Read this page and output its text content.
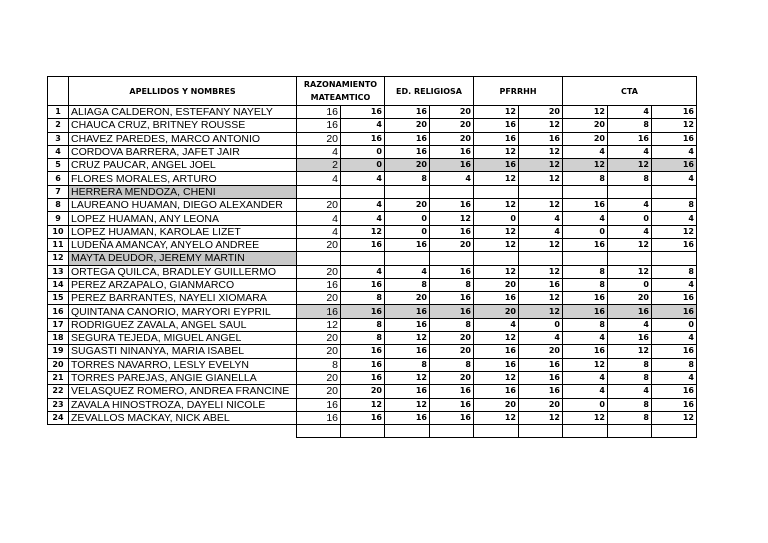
	APELLIDOS Y NOMBRES	RAZONAMIENTO MATEAMTICO		ED. RELIGIOSA		PFRRHH		CTA		
1	ALIAGA CALDERON, ESTEFANY NAYELY	16	16	16	20	12	20	12	4	16
2	CHAUCA CRUZ, BRITNEY ROUSSE	16	4	20	20	16	12	20	8	12
3	CHAVEZ PAREDES, MARCO ANTONIO	20	16	16	20	16	16	20	16	16
4	CORDOVA BARRERA, JAFET JAIR	4	0	16	16	12	12	4	4	4
5	CRUZ PAUCAR, ANGEL JOEL	2	0	20	16	16	12	12	12	16
6	FLORES MORALES, ARTURO	4	4	8	4	12	12	8	8	4
7	HERRERA MENDOZA, CHENI									
8	LAUREANO HUAMAN, DIEGO ALEXANDER	20	4	20	16	12	12	16	4	8
9	LOPEZ HUAMAN, ANY LEONA	4	4	0	12	0	4	4	0	4
10	LOPEZ HUAMAN, KAROLAE LIZET	4	12	0	16	12	4	0	4	12
11	LUDEÑA AMANCAY, ANYELO ANDREE	20	16	16	20	12	12	16	12	16
12	MAYTA DEUDOR, JEREMY MARTIN									
13	ORTEGA QUILCA, BRADLEY GUILLERMO	20	4	4	16	12	12	8	12	8
14	PEREZ ARZAPALO, GIANMARCO	16	16	8	8	20	16	8	0	4
15	PEREZ BARRANTES, NAYELI XIOMARA	20	8	20	16	16	12	16	20	16
16	QUINTANA CANORIO, MARYORI EYPRIL	16	16	16	16	20	12	16	16	16
17	RODRIGUEZ ZAVALA, ANGEL SAUL	12	8	16	8	4	0	8	4	0
18	SEGURA TEJEDA, MIGUEL ANGEL	20	8	12	20	12	4	4	16	4
19	SUGASTI NINANYA, MARIA ISABEL	20	16	16	20	16	20	16	12	16
20	TORRES NAVARRO, LESLY EVELYN	8	16	8	8	16	16	12	8	8
21	TORRES PAREJAS, ANGIE GIANELLA	20	16	12	20	12	16	4	8	4
22	VELASQUEZ ROMERO, ANDREA FRANCINE	20	20	16	16	16	16	4	4	16
23	ZAVALA HINOSTROZA, DAYELI NICOLE	16	12	12	16	20	20	0	8	16
24	ZEVALLOS MACKAY, NICK ABEL	16	16	16	16	12	12	12	8	12
